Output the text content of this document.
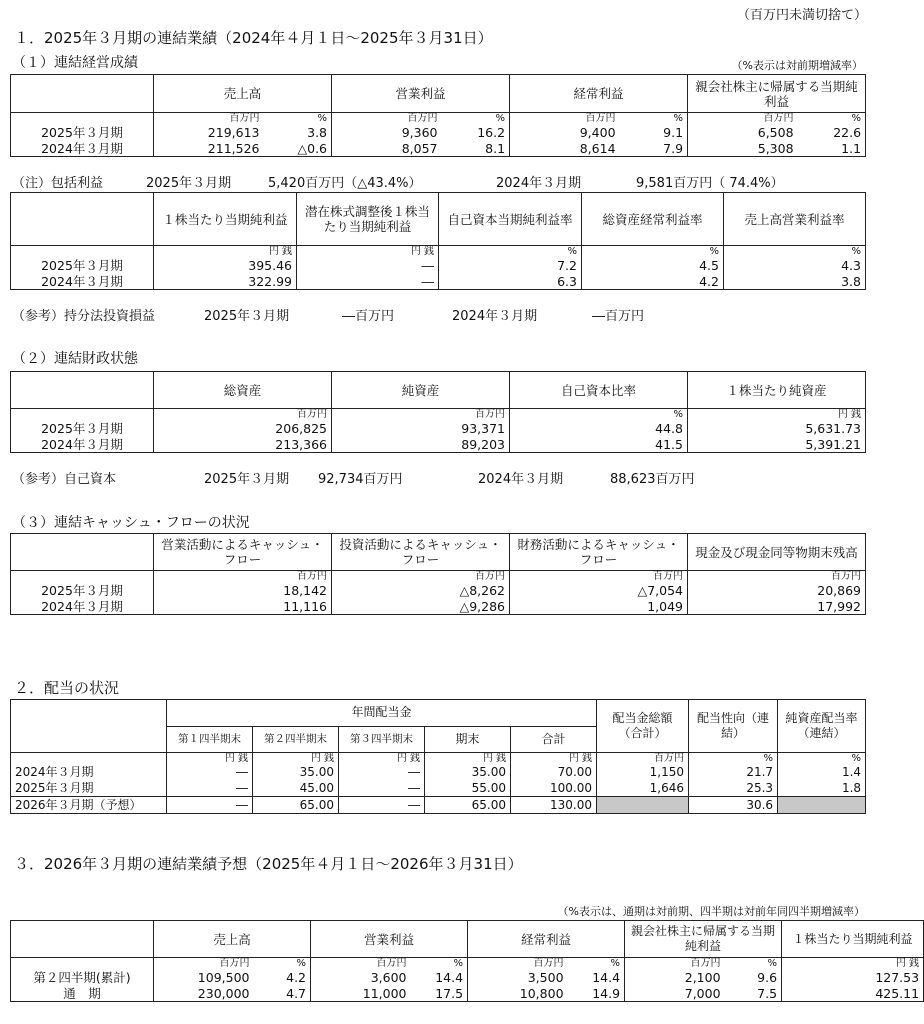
（百万円未満切捨て）
１．2025年３月期の連結業績（2024年４月１日～2025年３月31日）
（１）連結経営成績	（%表示は対前期増減率）
	売上高		営業利益		経常利益		親会社株主に帰属する当期純利益	
	百万円	%	百万円	%	百万円	%	百万円	%
2025年３月期	219,613	3.8	9,360	16.2	9,400	9.1	6,508	22.6
2024年３月期	211,526	△0.6	8,057	8.1	8,614	7.9	5,308	1.1
（注）包括利益	2025年３月期	5,420百万円（△43.4%）	2024年３月期	9,581百万円（ 74.4%）
	１株当たり当期純利益	潜在株式調整後１株当たり当期純利益	自己資本当期純利益率	総資産経常利益率	売上高営業利益率
	円 銭	円 銭	%	%	%
2025年３月期	395.46	―	7.2	4.5	4.3
2024年３月期	322.99	―	6.3	4.2	3.8
（参考）持分法投資損益	2025年３月期	―百万円	2024年３月期	―百万円
（２）連結財政状態
	総資産	純資産	自己資本比率	１株当たり純資産
	百万円	百万円	%	円 銭
2025年３月期	206,825	93,371	44.8	5,631.73
2024年３月期	213,366	89,203	41.5	5,391.21
（参考）自己資本	2025年３月期 92,734百万円	2024年３月期	88,623百万円
（３）連結キャッシュ・フローの状況
	営業活動によるキャッシュ・フロー	投資活動によるキャッシュ・フロー	財務活動によるキャッシュ・フロー	現金及び現金同等物期末残高
	百万円	百万円	百万円	百万円
2025年３月期	18,142	△8,262	△7,054	20,869
2024年３月期	11,116	△9,286	1,049	17,992
２．配当の状況
	年間配当金					配当金総額（合計）	配当性向（連結）	純資産配当率（連結）
	第１四半期末	第２四半期末	第３四半期末	期末	合計			
	円 銭	円 銭	円 銭	円 銭	円 銭	百万円	%	%
2024年３月期	―	35.00	―	35.00	70.00	1,150	21.7	1.4
2025年３月期	―	45.00	―	55.00	100.00	1,646	25.3	1.8
2026年３月期（予想）	―	65.00	―	65.00	130.00		30.6	
３．2026年３月期の連結業績予想（2025年４月１日～2026年３月31日）
（%表示は、通期は対前期、四半期は対前年同四半期増減率）
	売上高		営業利益		経常利益		親会社株主に帰属する当期純利益		１株当たり当期純利益
	百万円	%	百万円	%	百万円	%	百万円	%	円 銭
第２四半期(累計)	109,500	4.2	3,600	14.4	3,500	14.4	2,100	9.6	127.53
通　期	230,000	4.7	11,000	17.5	10,800	14.9	7,000	7.5	425.11
